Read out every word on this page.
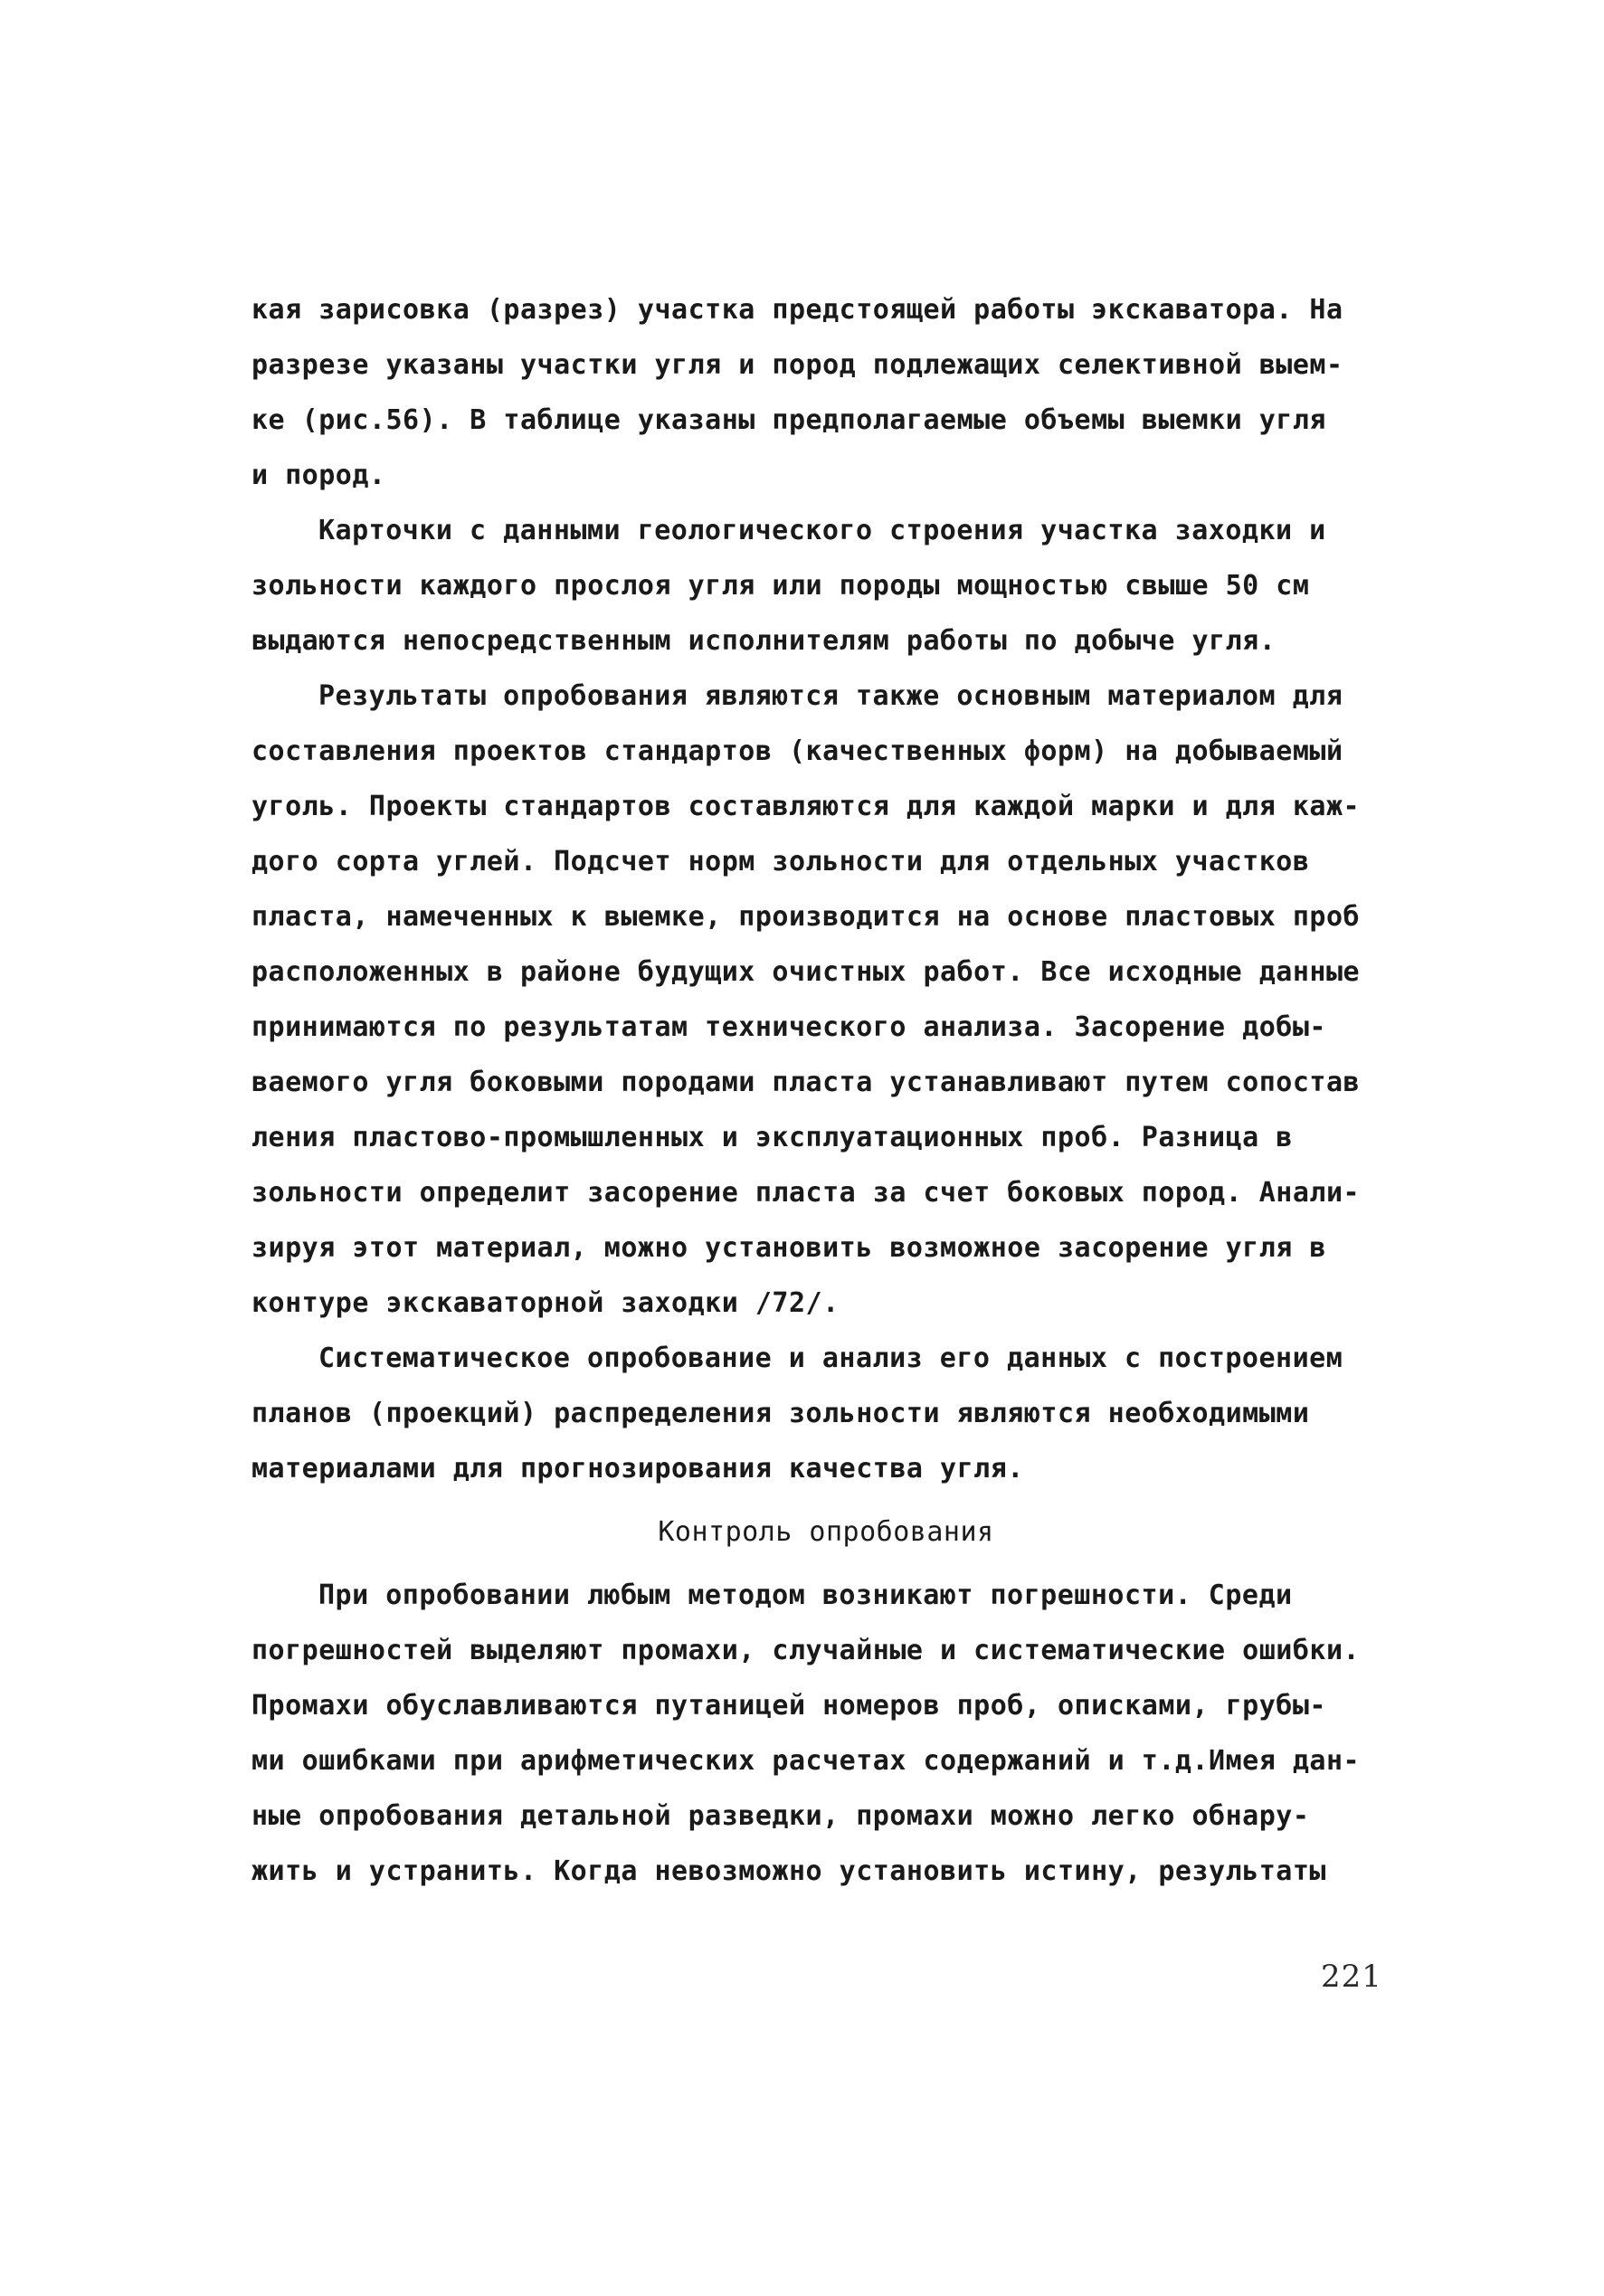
кая зарисовка (разрез) участка предстоящей работы экскаватора. На
разрезе указаны участки угля и пород подлежащих селективной выем-
ке (рис.56). В таблице указаны предполагаемые объемы выемки угля
и пород.
Карточки с данными геологического строения участка заходки и
зольности каждого прослоя угля или породы мощностью свыше 50 см
выдаются непосредственным исполнителям работы по добыче угля.
Результаты опробования являются также основным материалом для
составления проектов стандартов (качественных форм) на добываемый
уголь. Проекты стандартов составляются для каждой марки и для каж-
дого сорта углей. Подсчет норм зольности для отдельных участков
пласта, намеченных к выемке, производится на основе пластовых проб
расположенных в районе будущих очистных работ. Все исходные данные
принимаются по результатам технического анализа. Засорение добы-
ваемого угля боковыми породами пласта устанавливают путем сопостав
ления пластово-промышленных и эксплуатационных проб. Разница в
зольности определит засорение пласта за счет боковых пород. Анали-
зируя этот материал, можно установить возможное засорение угля в
контуре экскаваторной заходки /72/.
Систематическое опробование и анализ его данных с построением
планов (проекций) распределения зольности являются необходимыми
материалами для прогнозирования качества угля.
Контроль опробования
При опробовании любым методом возникают погрешности. Среди
погрешностей выделяют промахи, случайные и систематические ошибки.
Промахи обуславливаются путаницей номеров проб, описками, грубы-
ми ошибками при арифметических расчетах содержаний и т.д.Имея дан-
ные опробования детальной разведки, промахи можно легко обнару-
жить и устранить. Когда невозможно установить истину, результаты
221
